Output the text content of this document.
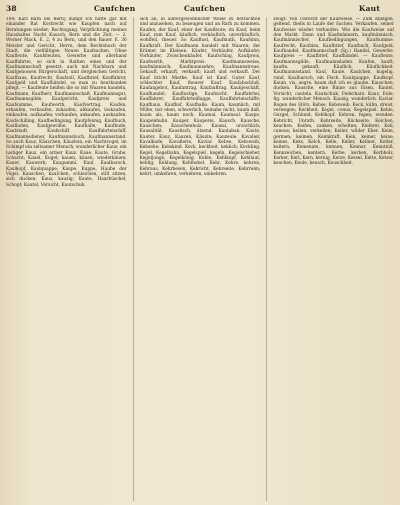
38	Caufchen	Cauſchen	Kaut

184; Karl Rath bei Bern] dumpf Ich hätte gar mit einander Rat Kostrecht wie Kaupfen nach auf Beratungen wieder; Rechtsgang. Verpflichtung meines Haushaltes Nacht Kausch, Bern und die Zeit. — 2. Werner Mack, E. 2, 4 zu Bern, und den Bauer. E. 36 Meister und Gericht, Herrn, dem Rechtsbuch der Stadt, die vielfältigen Neuen Kaufsachen. Ohne Kaufleute, Kaufsleuten, Gewerbe und allerhand Kauffahrtei, so sich in Rathen eines und der Kaufmannschaft gesetzt; auch mit Nachbarn und Kaufgenossen Bürgerschaft, und dergleichen Gericht, Kaufhaus, Kaufrecht, Kaufzoll, Kaufbrief, Kauffahrer, Kaufgeld und Kaufhändel, so man zu beurkunden pflegt. — Kaufleute heißen die so mit Waaren handeln, Kaufmann, Kaufherr, Kaufmannschaft, Kaufmannsgut, Kaufmannsgilde, Kaufgericht, Kaufpreis und Kaufsumme, Kaufwerth, Kaufvertrag. Kaufen, erkaufen, verkaufen, zukaufen, abkaufen, loskaufen, einkaufen, aufkaufen, vorkaufen, ankaufen, auskaufen. Kaufschilling, Kaufbedingung, Kaufpfennig, Kaufbuch, Kaufladen, Kaufgewölbe, Kaufhalle, Kaufbude, Kaufstadt, Kaufschiff. Kauffahrteischiff, Kaufmannsdiener, Kaufmannsbuch, Kaufmannsstand. So auch Kauz, Käuzchen, Käuzlein, ein Nachtvogel, im Schimpf ein seltsamer Mensch, wunderlicher Kauz; ein lustiger Kauz, ein armer Kauz. Kaue, Kaute, Grube, Schacht; Kauel, Kugel; kauen, käuen, wiederkäuen; Kauer, Kauwerk; Kaugummi. Kaul, Kaulbarsch, Kaulkopf, Kaulquappe; Kaupe, Kuppe, Haube der Vögel. Kauschen, kauſchen, schleichen, still sitzen, sich ducken; Kauz, kauzig; Kaute, Haarbüschel, Schopf; Kautel, Vorsicht, Kautschuk.

sich an, in außergewöhnlicher Weise zu betrachten und anzusehen, zu bezeugen und an Rath zu kommen. Kaufen, der Kauf, einer der Kaufleute; im Kauf, beim Kauf, zum Kauf, käuflich, verkäuflich, unverkäuflich, wohlfeil, theuer. So Kauflust, Kaufmuth, Kaufsinn, Kaufkraft. Der Kaufmann handelt mit Waaren; der Krämer im Kleinen. Käufer, Verkäufer, Aufkäufer, Vorkäufer, Zwischenkäufer. Kaufschlag, Kaufpreis, Kaufwerth, Marktpreis. Kaufmannsweise, kaufmännisch; Kaufmannsehre, Kaufmannstreue. Gekauft, erkauft, verkauft; kauft und verkauft. Der Kauf bricht Miethe. Kauf ist Kauf. Guter Kauf, schlechter Kauf, theurer Kauf. Kaufabschluß, Kaufangebot, Kaufantrag, Kaufauftrag. Kaufgeschäft, Kaufhandel, Kauflustige, Kaufsucht. Kauffahrtei, Kauffahrer, Kauffahrteiflagge, Kauffahrteischiffe; Kaufhaus, Kaufhof, Kaufhalle. Kaum, kaumlich, mit Mühe, nur eben, schwerlich, beinahe nicht; kaum daß, kaum als, kaum noch. Kaumal, Kaumaul. Kaupe, Kaupenhuhn. Kauper, Kauperei. Kausch, Kausche, Kauschen; Kauschenholz. Kausal, ursächlich; Kausalität. Kaustisch, ätzend. Kautabak. Kaute, Kauter. Kauz, Kauzen, Käuzin; Kauzeule. Kavalier, Kavalkade, Kavallerie, Kaviar. Kebse, Kebsweib, Kebsehe; Kebskind. Keck, keckheit, keklich; Keckling. Kegel, Kegelbahn, Kegelspiel, kegeln, Kegelschieber, Kegeljunge, Kegelkönig. Kehle, Kehlkopf, Kehllaut, kehlig; Kehlung, Kehlhobel. Kehr, Kehre, kehren, Kehraus, Kehrbesen, Kehricht, Kehrseite, Kehrreim; kehrt, umkehren, verkehren, einkehren.

zeugt: Von Unrecht der Kaufweise. — Zum Ablegen, geltend, theils in Laufe der Sachen. Verkaufen, seiner Kaufweise wieder verkaufen. Wie die Kaufweise auf den Markt. Dann und Kaufmännern, kaufmännisch. Kaufmännischer, Kaufbedingungen, Kaufsumme. Kaufrecht, Kaufzins, Kaufbrief, Kaufbuch, Kaufgeld, Kaufhandel. Kaufmannschaft (Sp.) Handel, Gewerbe. Kaufpreis — Kaufbrief, Kaufhändel. — Kaufleute, Kaufmannsgilde, Kaufmannsladen. Kaufen, kauft; kaufte, gekauft. Käuflich, Käuflichkeit. Kaufmannsstand. Kaul, Kaule, Kaulchen, kugelig, rund. Kaulbarsch, ein Fisch. Kaulquappe, Kaulkopf. Kaum, vix, aegre, kaum daß ich es glaube. Kauschen, ducken. Kausche, eine Rinne aus Eisen. Kautel, Vorsicht, cautela. Kautschuk, Federharz. Kauz, Eule; fig. wunderlicher Mensch. Kauzig, wunderlich. Kaviar, Rogen des Störs. Kebse, Kebsweib. Keck, kühn, dreist, verwegen; Keckheit. Kegel, conus; Kegelspiel. Kehle, Gurgel, Schlund; Kehlkopf. Kehren, fegen; wenden. Kehricht, Unrath. Kehrseite, Rückseite. Keichen, keuchen. Keifen, zanken, schelten; Keiferei. Keil, cuneus; keilen, verkeilen; Keiler, wilder Eber. Keim, germen; keimen, Keimkraft. Kein, keiner, keine, keines. Keks, Kelch, Kelle, Keller, Kellner, Kelter, keltern, Kemenate, kennen, Kenner, Kenntniß, Kennzeichen, kentern, Kerbe, kerben, Kerbholz, Kerker, Kerl, Kern, kernig, Kerze, Kessel, Kette, Ketzer, keuchen, Keule, keusch, Keuschheit.
